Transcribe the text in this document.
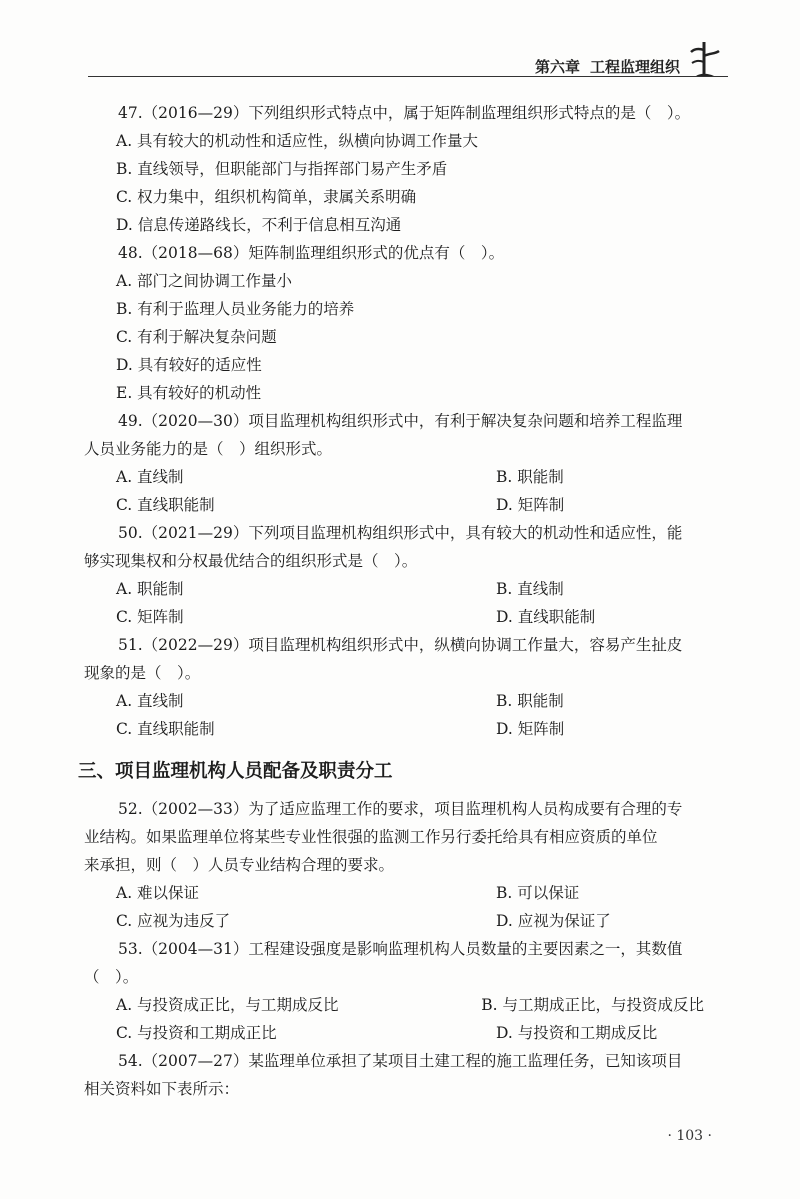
第六章 工程监理组织
47.（2016—29）下列组织形式特点中，属于矩阵制监理组织形式特点的是（　）。
A. 具有较大的机动性和适应性，纵横向协调工作量大
B. 直线领导，但职能部门与指挥部门易产生矛盾
C. 权力集中，组织机构简单，隶属关系明确
D. 信息传递路线长，不利于信息相互沟通
48.（2018—68）矩阵制监理组织形式的优点有（　）。
A. 部门之间协调工作量小
B. 有利于监理人员业务能力的培养
C. 有利于解决复杂问题
D. 具有较好的适应性
E. 具有较好的机动性
49.（2020—30）项目监理机构组织形式中，有利于解决复杂问题和培养工程监理
人员业务能力的是（　）组织形式。
A. 直线制	B. 职能制
C. 直线职能制	D. 矩阵制
50.（2021—29）下列项目监理机构组织形式中，具有较大的机动性和适应性，能
够实现集权和分权最优结合的组织形式是（　）。
A. 职能制	B. 直线制
C. 矩阵制	D. 直线职能制
51.（2022—29）项目监理机构组织形式中，纵横向协调工作量大，容易产生扯皮
现象的是（　）。
A. 直线制	B. 职能制
C. 直线职能制	D. 矩阵制
三、项目监理机构人员配备及职责分工
52.（2002—33）为了适应监理工作的要求，项目监理机构人员构成要有合理的专
业结构。如果监理单位将某些专业性很强的监测工作另行委托给具有相应资质的单位
来承担，则（　）人员专业结构合理的要求。
A. 难以保证	B. 可以保证
C. 应视为违反了	D. 应视为保证了
53.（2004—31）工程建设强度是影响监理机构人员数量的主要因素之一，其数值
（　）。
A. 与投资成正比，与工期成反比	B. 与工期成正比，与投资成反比
C. 与投资和工期成正比	D. 与投资和工期成反比
54.（2007—27）某监理单位承担了某项目土建工程的施工监理任务，已知该项目
相关资料如下表所示：
· 103 ·
